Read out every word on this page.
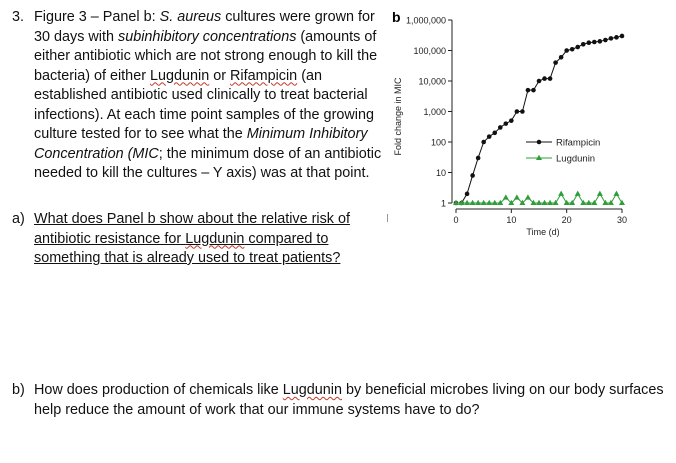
3. Figure 3 – Panel b: S. aureus cultures were grown for 30 days with subinhibitory concentrations (amounts of either antibiotic which are not strong enough to kill the bacteria) of either Lugdunin or Rifampicin (an established antibiotic used clinically to treat bacterial infections). At each time point samples of the growing culture tested for to see what the Minimum Inhibitory Concentration (MIC; the minimum dose of an antibiotic needed to kill the cultures – Y axis) was at that point.
a) What does Panel b show about the relative risk of antibiotic resistance for Lugdunin compared to something that is already used to treat patients?
b) How does production of chemicals like Lugdunin by beneficial microbes living on our body surfaces help reduce the amount of work that our immune systems have to do?
b
1
10
100
1,000
10,000
100,000
1,000,000
0	10	20	30
Time (d)
Fold change in MIC	Rifampicin
Lugdunin
